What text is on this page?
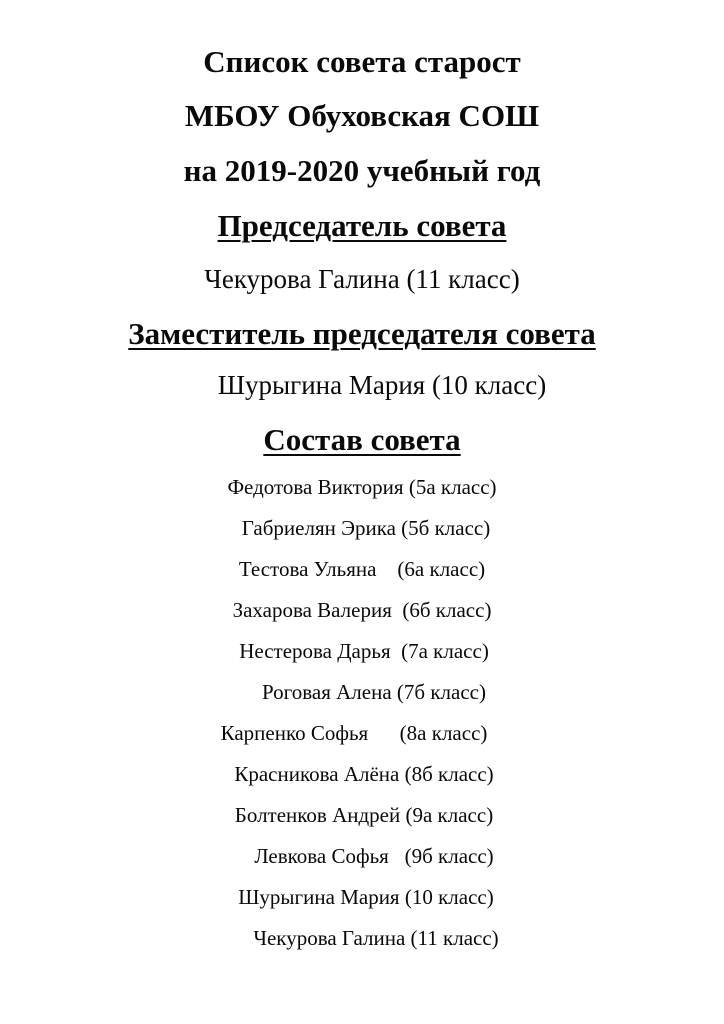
Список совета старост
МБОУ Обуховская СОШ
на 2019-2020 учебный год
Председатель совета
Чекурова Галина (11 класс)
Заместитель председателя совета
Шурыгина Мария (10 класс)
Состав совета
Федотова Виктория (5а класс)
Габриелян Эрика (5б класс)
Тестова Ульяна    (6а класс)
Захарова Валерия  (6б класс)
Нестерова Дарья  (7а класс)
Роговая Алена (7б класс)
Карпенко Софья      (8а класс)
Красникова Алёна (8б класс)
Болтенков Андрей (9а класс)
Левкова Софья   (9б класс)
Шурыгина Мария (10 класс)
Чекурова Галина (11 класс)
